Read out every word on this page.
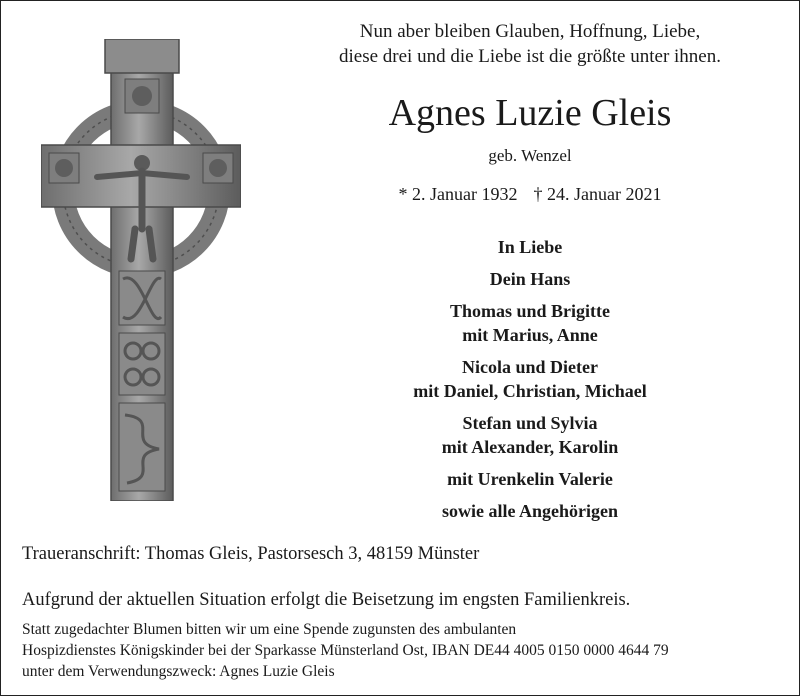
Nun aber bleiben Glauben, Hoffnung, Liebe,
diese drei und die Liebe ist die größte unter ihnen.
Agnes Luzie Gleis
geb. Wenzel
* 2. Januar 1932 † 24. Januar 2021
In Liebe
Dein Hans
Thomas und Brigitte
mit Marius, Anne
Nicola und Dieter
mit Daniel, Christian, Michael
Stefan und Sylvia
mit Alexander, Karolin
mit Urenkelin Valerie
sowie alle Angehörigen
Traueranschrift: Thomas Gleis, Pastorsesch 3, 48159 Münster
Aufgrund der aktuellen Situation erfolgt die Beisetzung im engsten Familienkreis.
Statt zugedachter Blumen bitten wir um eine Spende zugunsten des ambulanten
Hospizdienstes Königskinder bei der Sparkasse Münsterland Ost, IBAN DE44 4005 0150 0000 4644 79
unter dem Verwendungszweck: Agnes Luzie Gleis
